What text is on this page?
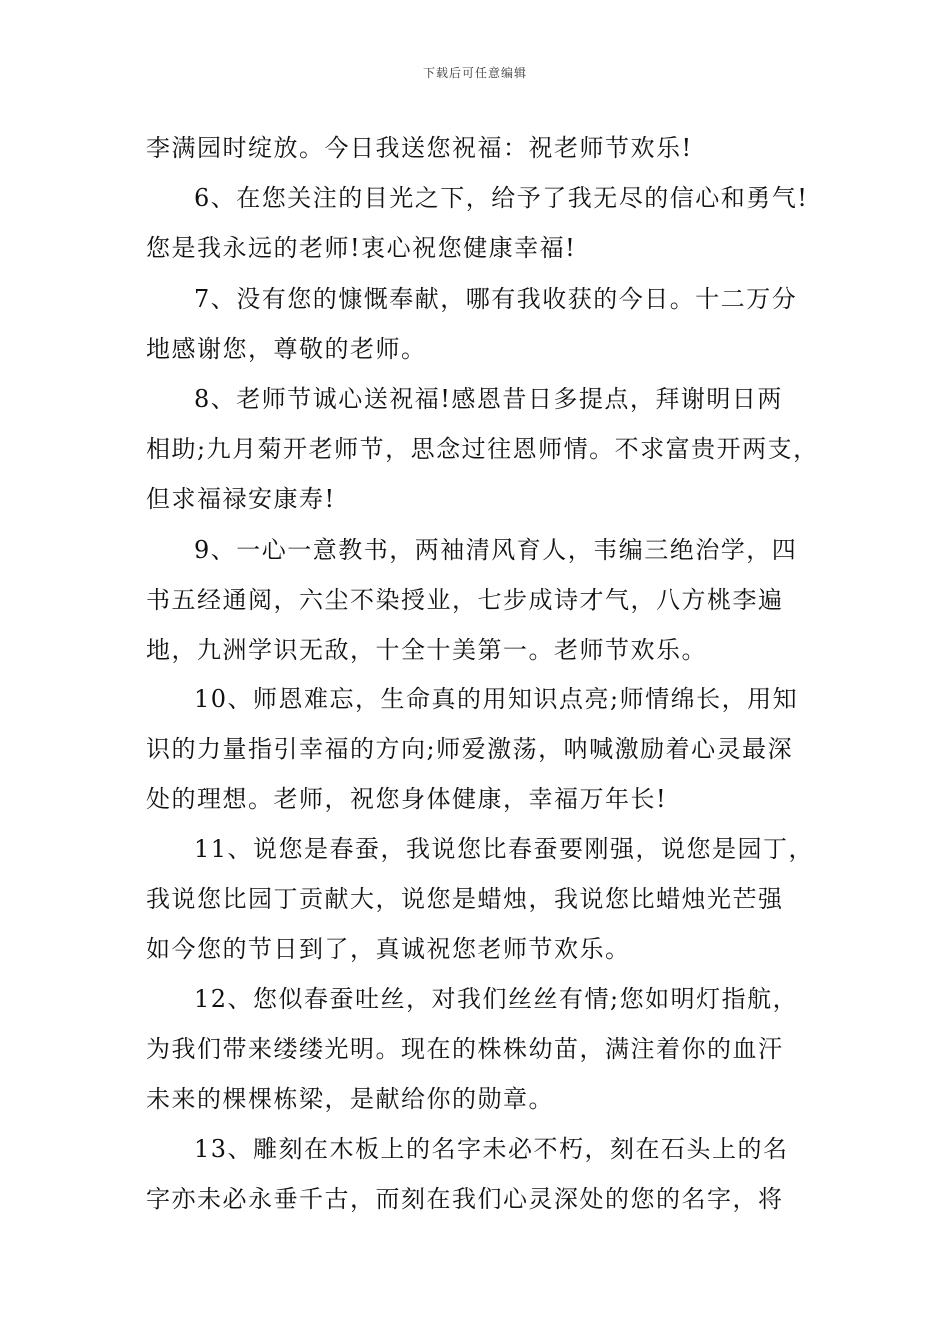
下载后可任意编辑
李满园时绽放。今日我送您祝福：祝老师节欢乐!
6、在您关注的目光之下，给予了我无尽的信心和勇气!
您是我永远的老师!衷心祝您健康幸福!
7、没有您的慷慨奉献，哪有我收获的今日。十二万分
地感谢您，尊敬的老师。
8、老师节诚心送祝福!感恩昔日多提点，拜谢明日两
相助;九月菊开老师节，思念过往恩师情。不求富贵开两支，
但求福禄安康寿!
9、一心一意教书，两袖清风育人，韦编三绝治学，四
书五经通阅，六尘不染授业，七步成诗才气，八方桃李遍
地，九洲学识无敌，十全十美第一。老师节欢乐。
10、师恩难忘，生命真的用知识点亮;师情绵长，用知
识的力量指引幸福的方向;师爱激荡，呐喊激励着心灵最深
处的理想。老师，祝您身体健康，幸福万年长!
11、说您是春蚕，我说您比春蚕要刚强，说您是园丁，
我说您比园丁贡献大，说您是蜡烛，我说您比蜡烛光芒强
如今您的节日到了，真诚祝您老师节欢乐。
12、您似春蚕吐丝，对我们丝丝有情;您如明灯指航，
为我们带来缕缕光明。现在的株株幼苗，满注着你的血汗
未来的棵棵栋梁，是献给你的勋章。
13、雕刻在木板上的名字未必不朽，刻在石头上的名
字亦未必永垂千古，而刻在我们心灵深处的您的名字，将
